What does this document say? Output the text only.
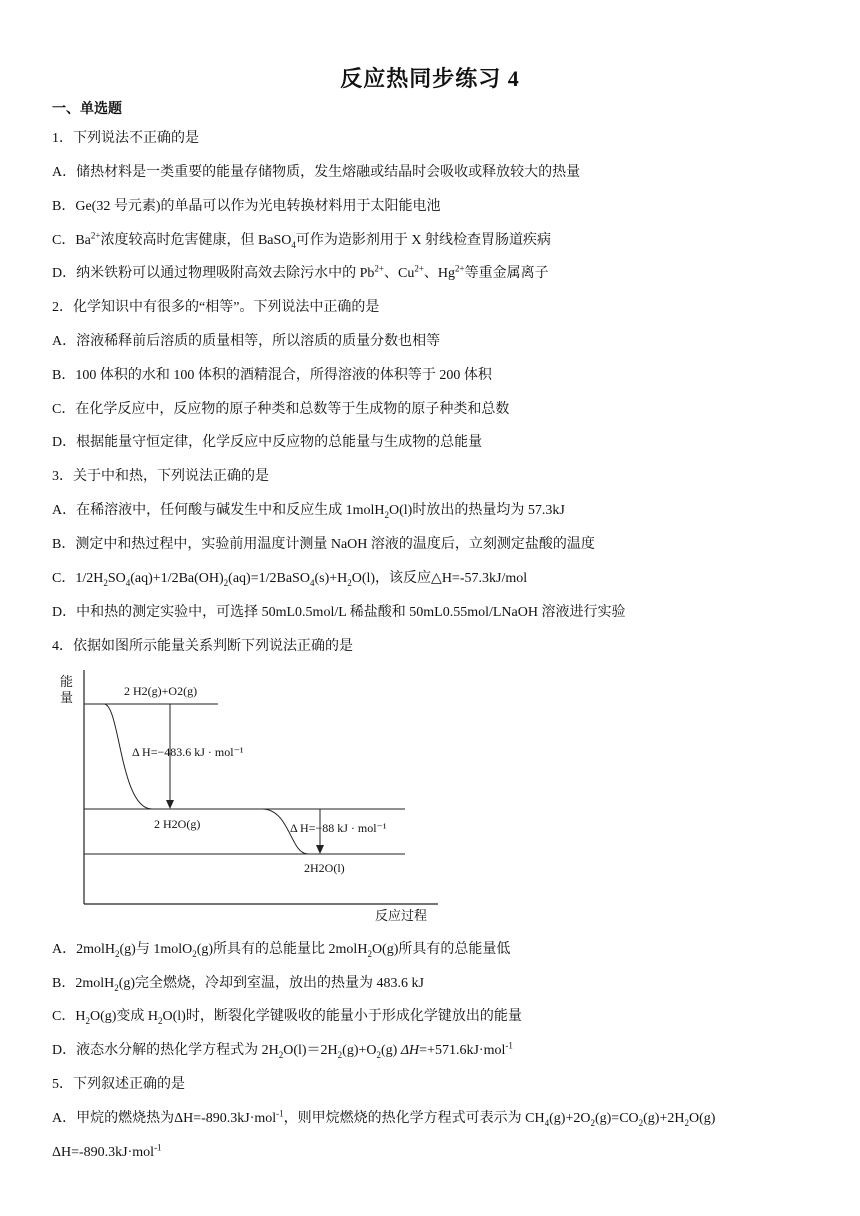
反应热同步练习 4
一、单选题
1．下列说法不正确的是
A．储热材料是一类重要的能量存储物质，发生熔融或结晶时会吸收或释放较大的热量
B．Ge(32 号元素)的单晶可以作为光电转换材料用于太阳能电池
C．$Ba^{2+}$浓度较高时危害健康，但 BaSO$_4$可作为造影剂用于 X 射线检查胃肠道疾病
D．纳米铁粉可以通过物理吸附高效去除污水中的 $Pb^{2+}$、$Cu^{2+}$、$Hg^{2+}$等重金属离子
2．化学知识中有很多的“相等”。下列说法中正确的是
A．溶液稀释前后溶质的质量相等，所以溶质的质量分数也相等
B．100 体积的水和 100 体积的酒精混合，所得溶液的体积等于 200 体积
C．在化学反应中，反应物的原子种类和总数等于生成物的原子种类和总数
D．根据能量守恒定律，化学反应中反应物的总能量与生成物的总能量
3．关于中和热，下列说法正确的是
A．在稀溶液中，任何酸与碱发生中和反应生成 1molH$_2$O(l)时放出的热量均为 57.3kJ
B．测定中和热过程中，实验前用温度计测量 NaOH 溶液的温度后，立刻测定盐酸的温度
C．$1/2H_2SO_4(aq)+1/2Ba(OH)_2(aq)=1/2BaSO_4(s)+H_2O(l)$，该反应△H=-57.3kJ/mol
D．中和热的测定实验中，可选择 50mL0.5mol/L 稀盐酸和 50mL0.55mol/LNaOH 溶液进行实验
4．依据如图所示能量关系判断下列说法正确的是
能
量
反应过程
2 H2(g)+O2(g)
Δ H=−483.6 kJ · mol⁻¹
2 H2O(g)	Δ H=−88 kJ · mol⁻¹
2H2O(l)
A．2molH$_2$(g)与 1molO$_2$(g)所具有的总能量比 2molH$_2$O(g)所具有的总能量低
B．2molH$_2$(g)完全燃烧，冷却到室温，放出的热量为 483.6 kJ
C．$H_2O(g)$变成 $H_2O(l)$时，断裂化学键吸收的能量小于形成化学键放出的能量
D．液态水分解的热化学方程式为 $2H_2O(l)=2H_2(g)+O_2(g)$ ΔH=+571.6kJ·mol$^{-1}$
5．下列叙述正确的是
A．甲烷的燃烧热为ΔH=-890.3kJ·mol$^{-1}$，则甲烷燃烧的热化学方程式可表示为 $CH_4(g)+2O_2(g)=CO_2(g)+2H_2O(g)$
ΔH=-890.3kJ·mol$^{-1}$
